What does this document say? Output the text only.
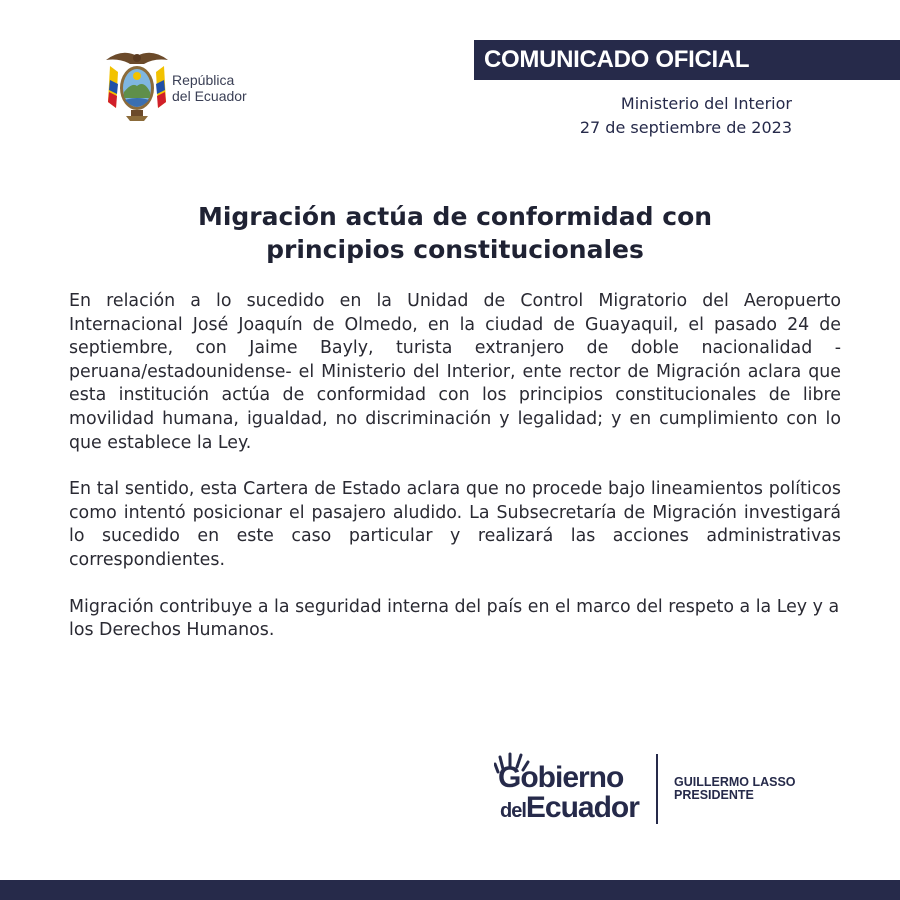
República
del Ecuador
COMUNICADO OFICIAL
Ministerio del Interior
27 de septiembre de 2023
Migración actúa de conformidad con
principios constitucionales

En relación a lo sucedido en la Unidad de Control Migratorio del Aeropuerto Internacional José Joaquín de Olmedo, en la ciudad de Guayaquil, el pasado 24 de septiembre, con Jaime Bayly, turista extranjero de doble nacionalidad -peruana/estadounidense- el Ministerio del Interior, ente rector de Migración aclara que esta institución actúa de conformidad con los principios constitucionales de libre movilidad humana, igualdad, no discriminación y legalidad; y en cumplimiento con lo que establece la Ley.

En tal sentido, esta Cartera de Estado aclara que no procede bajo lineamientos políticos como intentó posicionar el pasajero aludido. La Subsecretaría de Migración investigará lo sucedido en este caso particular y realizará las acciones administrativas correspondientes.

Migración contribuye a la seguridad interna del país en el marco del respeto a la Ley y a los Derechos Humanos.

Gobierno
delEcuador
GUILLERMO LASSO
PRESIDENTE
